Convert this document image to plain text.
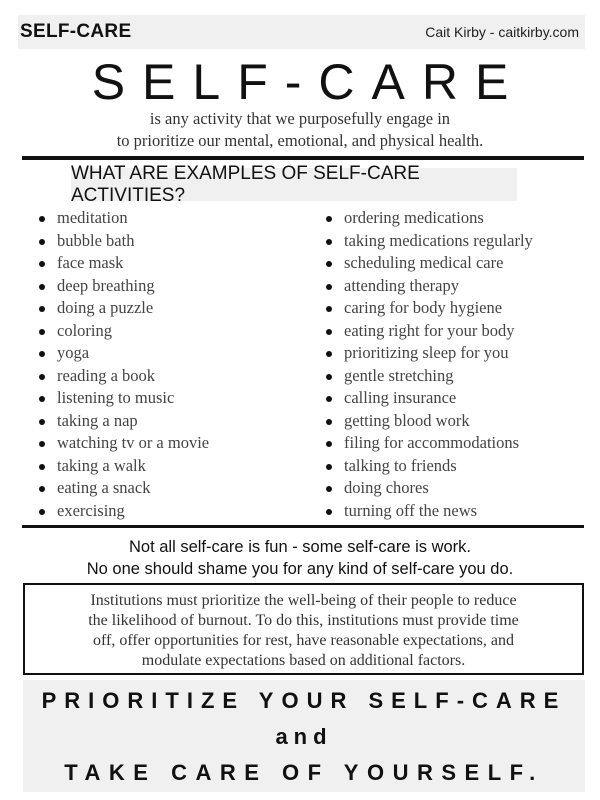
SELF-CARE	Cait Kirby - caitkirby.com
SELF-CARE
is any activity that we purposefully engage in
to prioritize our mental, emotional, and physical health.
WHAT ARE EXAMPLES OF SELF-CARE ACTIVITIES?
meditation
bubble bath
face mask
deep breathing
doing a puzzle
coloring
yoga
reading a book
listening to music
taking a nap
watching tv or a movie
taking a walk
eating a snack
exercising
ordering medications
taking medications regularly
scheduling medical care
attending therapy
caring for body hygiene
eating right for your body
prioritizing sleep for you
gentle stretching
calling insurance
getting blood work
filing for accommodations
talking to friends
doing chores
turning off the news
Not all self-care is fun - some self-care is work.
No one should shame you for any kind of self-care you do.
Institutions must prioritize the well-being of their people to reduce
the likelihood of burnout. To do this, institutions must provide time
off, offer opportunities for rest, have reasonable expectations, and
modulate expectations based on additional factors.
PRIORITIZE YOUR SELF-CARE
and
TAKE CARE OF YOURSELF.
